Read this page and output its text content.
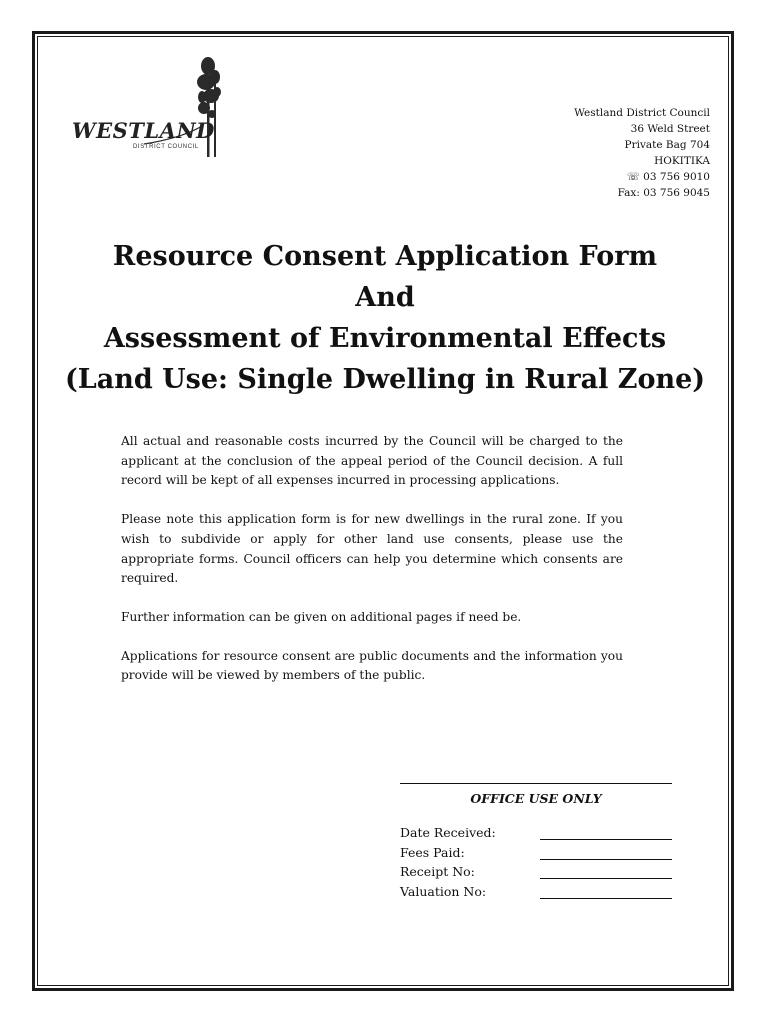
WESTLAND
DISTRICT COUNCIL
Westland District Council
36 Weld Street
Private Bag 704
HOKITIKA
☏ 03 756 9010
Fax: 03 756 9045
Resource Consent Application Form
And
Assessment of Environmental Effects
(Land Use: Single Dwelling in Rural Zone)

All actual and reasonable costs incurred by the Council will be charged to the applicant at the conclusion of the appeal period of the Council decision. A full record will be kept of all expenses incurred in processing applications.

Please note this application form is for new dwellings in the rural zone. If you wish to subdivide or apply for other land use consents, please use the appropriate forms. Council officers can help you determine which consents are required.

Further information can be given on additional pages if need be.

Applications for resource consent are public documents and the information you provide will be viewed by members of the public.

OFFICE USE ONLY
Date Received:
Fees Paid:
Receipt No:
Valuation No:
